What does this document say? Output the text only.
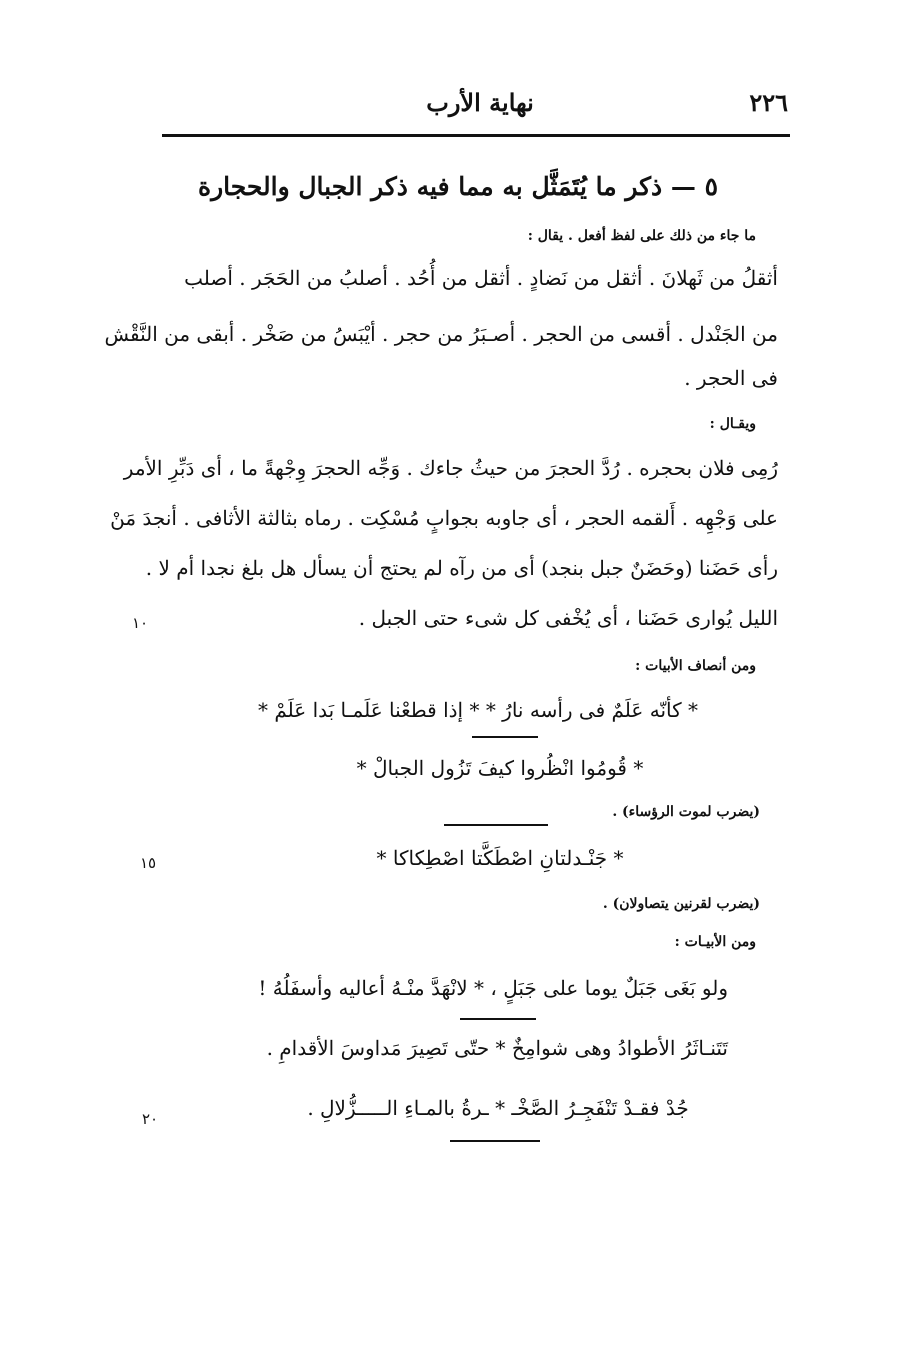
٢٢٦
نهاية الأرب
٥ — ذكر ما يُتَمَثَّل به مما فيه ذكر الجبال والحجارة
ما جاء من ذلك على لفظ أفعل . يقال :
أثقلُ من ثَهلانَ . أثقل من نَضادٍ . أثقل من أُحُد . أصلبُ من الحَجَر . أصلب
من الجَنْدل . أقسى من الحجر . أصـبَرُ من حجر . أيْبَسُ من صَخْر . أبقى من النَّقْش
فى الحجر .
ويقـال :
رُمِى فلان بحجره . رُدَّ الحجرَ من حيثُ جاءك . وَجِّه الحجرَ وِجْهةً ما ، أى دَبِّرِ الأمر
على وَجْهِه . أَلقمه الحجر ، أى جاوبه بجوابٍ مُسْكِت . رماه بثالثة الأثافى . أنجدَ مَنْ
رأى حَضَنا (وحَضَنٌ جبل بنجد) أى من رآه لم يحتج أن يسأل هل بلغ نجدا أم لا .
الليل يُوارى حَضَنا ، أى يُخْفى كل شىء حتى الجبل .
١٠
ومن أنصاف الأبيات :
* كأنّه عَلَمٌ فى رأسه نارُ * * إذا قطعْنا عَلَمـا بَدا عَلَمْ *
* قُومُوا انْظُروا كيفَ تَزُول الجبالْ *
(يضرب لموت الرؤساء) .
* جَنْـدلتانِ اصْطَكَّتا اصْطِكاكا *
١٥
(يضرب لقرنين يتصاولان) .
ومن الأبيـات :
ولو بَغَى جَبَلٌ يوما على جَبَلٍ ، * لانْهَدَّ منْـهُ أعاليه وأسفَلُهُ !
تَتَنـاثَرُ الأطوادُ وهى شوامِخٌ * حتّى تَصِيرَ مَداوسَ الأقدامِ .
جُدْ فقـدْ تَنْفَجِـرُ الصَّخْـ * ـرةُ بالمـاءِ الـــــزُّلالِ .
٢٠
